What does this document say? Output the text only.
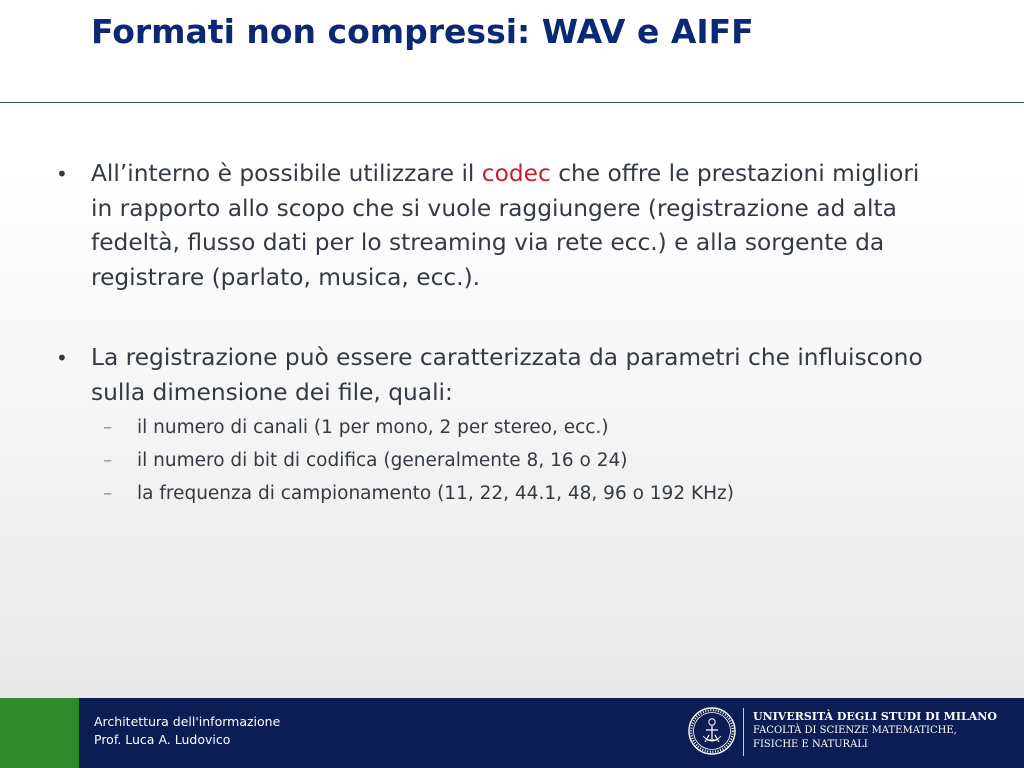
Formati non compressi: WAV e AIFF
• All’interno è possibile utilizzare il codec che offre le prestazioni migliori in rapporto allo scopo che si vuole raggiungere (registrazione ad alta fedeltà, flusso dati per lo streaming via rete ecc.) e alla sorgente da registrare (parlato, musica, ecc.).
• La registrazione può essere caratterizzata da parametri che influiscono sulla dimensione dei file, quali:
– il numero di canali (1 per mono, 2 per stereo, ecc.)
– il numero di bit di codifica (generalmente 8, 16 o 24)
– la frequenza di campionamento (11, 22, 44.1, 48, 96 o 192 KHz)
Architettura dell'informazione
Prof. Luca A. Ludovico
UNIVERSITÀ DEGLI STUDI DI MILANO
FACOLTÀ DI SCIENZE MATEMATICHE,
FISICHE E NATURALI
